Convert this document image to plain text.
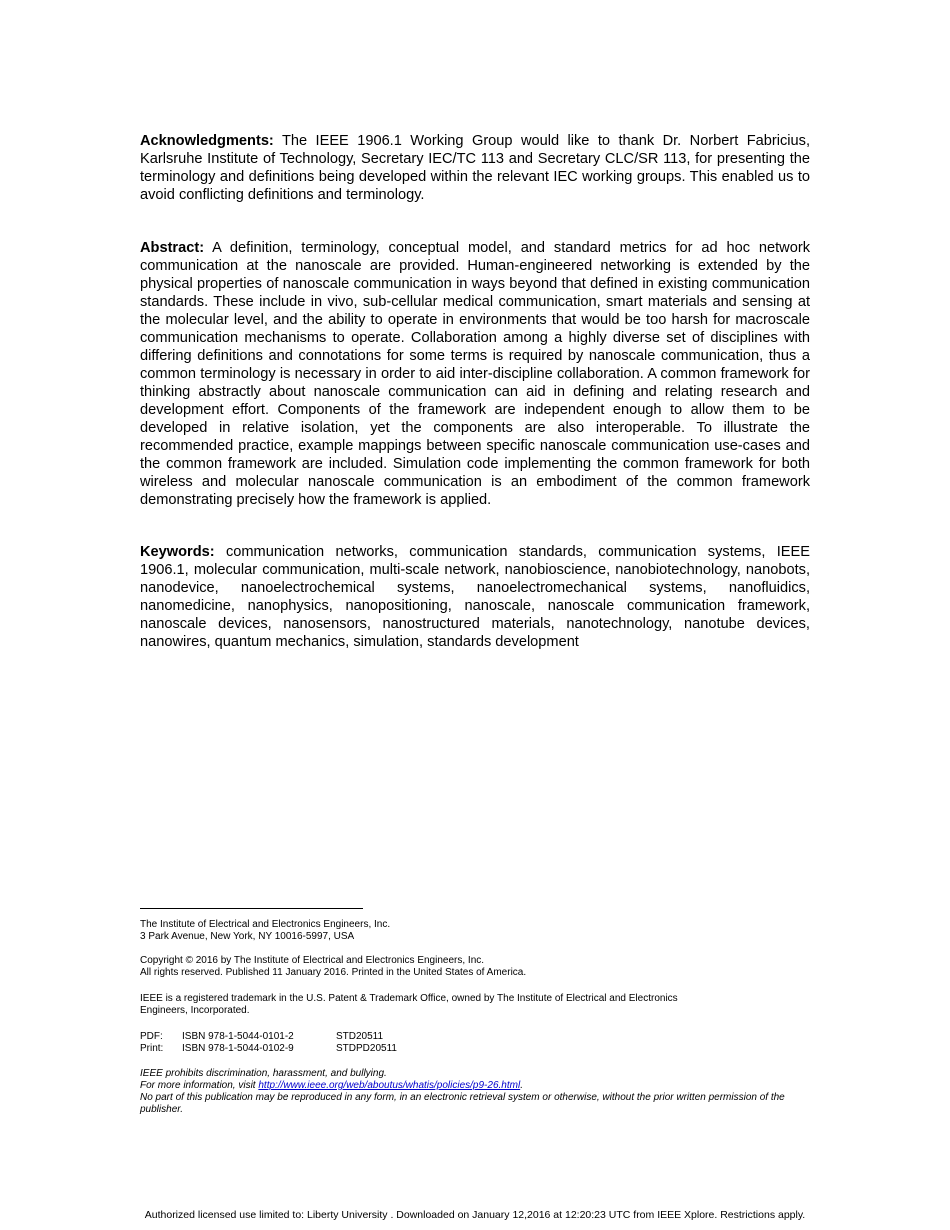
Acknowledgments: The IEEE 1906.1 Working Group would like to thank Dr. Norbert Fabricius, Karlsruhe Institute of Technology, Secretary IEC/TC 113 and Secretary CLC/SR 113, for presenting the terminology and definitions being developed within the relevant IEC working groups. This enabled us to avoid conflicting definitions and terminology.

Abstract: A definition, terminology, conceptual model, and standard metrics for ad hoc network communication at the nanoscale are provided. Human-engineered networking is extended by the physical properties of nanoscale communication in ways beyond that defined in existing communication standards. These include in vivo, sub-cellular medical communication, smart materials and sensing at the molecular level, and the ability to operate in environments that would be too harsh for macroscale communication mechanisms to operate. Collaboration among a highly diverse set of disciplines with differing definitions and connotations for some terms is required by nanoscale communication, thus a common terminology is necessary in order to aid inter-discipline collaboration. A common framework for thinking abstractly about nanoscale communication can aid in defining and relating research and development effort. Components of the framework are independent enough to allow them to be developed in relative isolation, yet the components are also interoperable. To illustrate the recommended practice, example mappings between specific nanoscale communication use-cases and the common framework are included. Simulation code implementing the common framework for both wireless and molecular nanoscale communication is an embodiment of the common framework demonstrating precisely how the framework is applied.

Keywords: communication networks, communication standards, communication systems, IEEE 1906.1, molecular communication, multi-scale network, nanobioscience, nanobiotechnology, nanobots, nanodevice, nanoelectrochemical systems, nanoelectromechanical systems, nanofluidics, nanomedicine, nanophysics, nanopositioning, nanoscale, nanoscale communication framework, nanoscale devices, nanosensors, nanostructured materials, nanotechnology, nanotube devices, nanowires, quantum mechanics, simulation, standards development

The Institute of Electrical and Electronics Engineers, Inc.
3 Park Avenue, New York, NY 10016-5997, USA

Copyright © 2016 by The Institute of Electrical and Electronics Engineers, Inc.
All rights reserved. Published 11 January 2016. Printed in the United States of America.

IEEE is a registered trademark in the U.S. Patent & Trademark Office, owned by The Institute of Electrical and Electronics
Engineers, Incorporated.

PDF: ISBN 978-1-5044-0101-2	STD20511
Print: ISBN 978-1-5044-0102-9	STDPD20511

IEEE prohibits discrimination, harassment, and bullying.
For more information, visit http://www.ieee.org/web/aboutus/whatis/policies/p9-26.html.
No part of this publication may be reproduced in any form, in an electronic retrieval system or otherwise, without the prior written permission of the publisher.

Authorized licensed use limited to: Liberty University . Downloaded on January 12,2016 at 12:20:23 UTC from IEEE Xplore. Restrictions apply.
